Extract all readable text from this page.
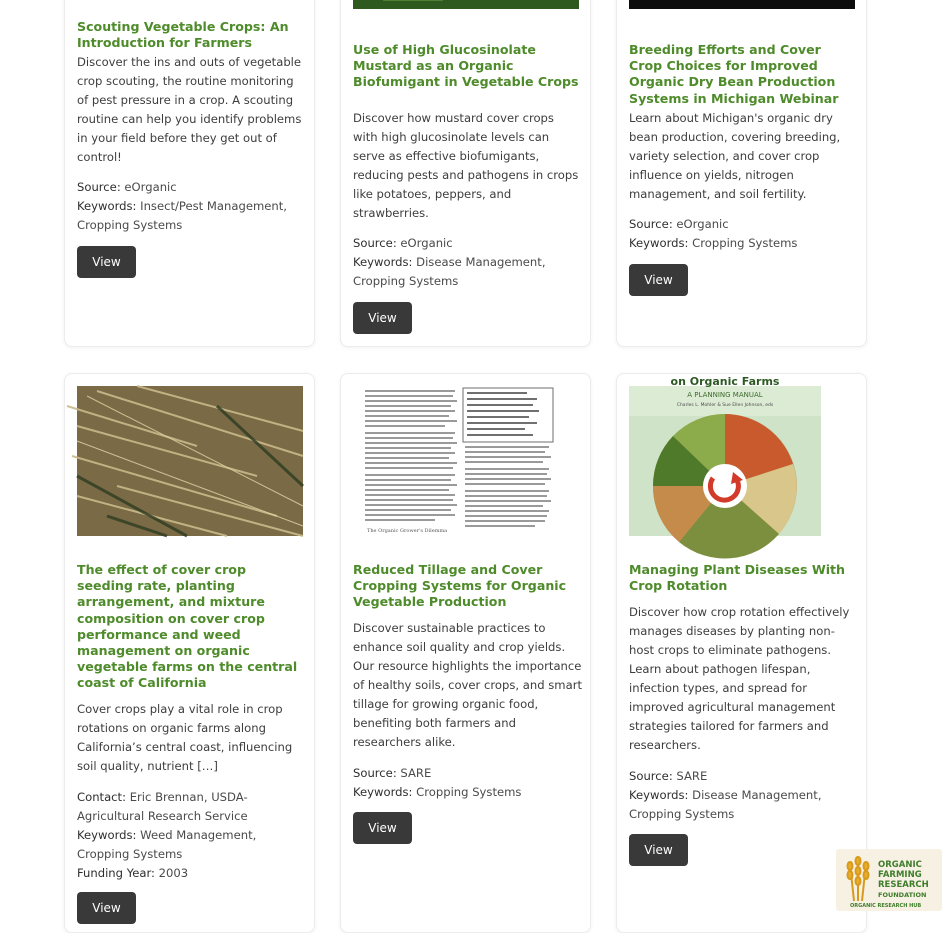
Scouting Vegetable Crops: An Introduction for Farmers

Discover the ins and outs of vegetable crop scouting, the routine monitoring of pest pressure in a crop. A scouting routine can help you identify problems in your field before they get out of control!

Source: eOrganic

Keywords: Insect/Pest Management, Cropping Systems

View
Use of High Glucosinolate Mustard as an Organic Biofumigant in Vegetable Crops

Discover how mustard cover crops with high glucosinolate levels can serve as effective biofumigants, reducing pests and pathogens in crops like potatoes, peppers, and strawberries.

Source: eOrganic

Keywords: Disease Management, Cropping Systems

View
Breeding Efforts and Cover Crop Choices for Improved Organic Dry Bean Production Systems in Michigan Webinar

Learn about Michigan's organic dry bean production, covering breeding, variety selection, and cover crop influence on yields, nitrogen management, and soil fertility.

Source: eOrganic

Keywords: Cropping Systems

View
The effect of cover crop seeding rate, planting arrangement, and mixture composition on cover crop performance and weed management on organic vegetable farms on the central coast of California

Cover crops play a vital role in crop rotations on organic farms along California’s central coast, influencing soil quality, nutrient […]

Contact: Eric Brennan, USDA-Agricultural Research Service

Keywords: Weed Management, Cropping Systems

Funding Year: 2003

View
The Organic Grower's Dilemma
Reduced Tillage and Cover Cropping Systems for Organic Vegetable Production

Discover sustainable practices to enhance soil quality and crop yields. Our resource highlights the importance of healthy soils, cover crops, and smart tillage for growing organic food, benefiting both farmers and researchers alike.

Source: SARE

Keywords: Cropping Systems

View
on Organic Farms
A PLANNING MANUAL
Charles L. Mohler & Sue Ellen Johnson, eds
Managing Plant Diseases With Crop Rotation

Discover how crop rotation effectively manages diseases by planting non-host crops to eliminate pathogens. Learn about pathogen lifespan, infection types, and spread for improved agricultural management strategies tailored for farmers and researchers.

Source: SARE

Keywords: Disease Management, Cropping Systems

View
ORGANIC
FARMING
RESEARCH
FOUNDATION
ORGANIC RESEARCH HUB
